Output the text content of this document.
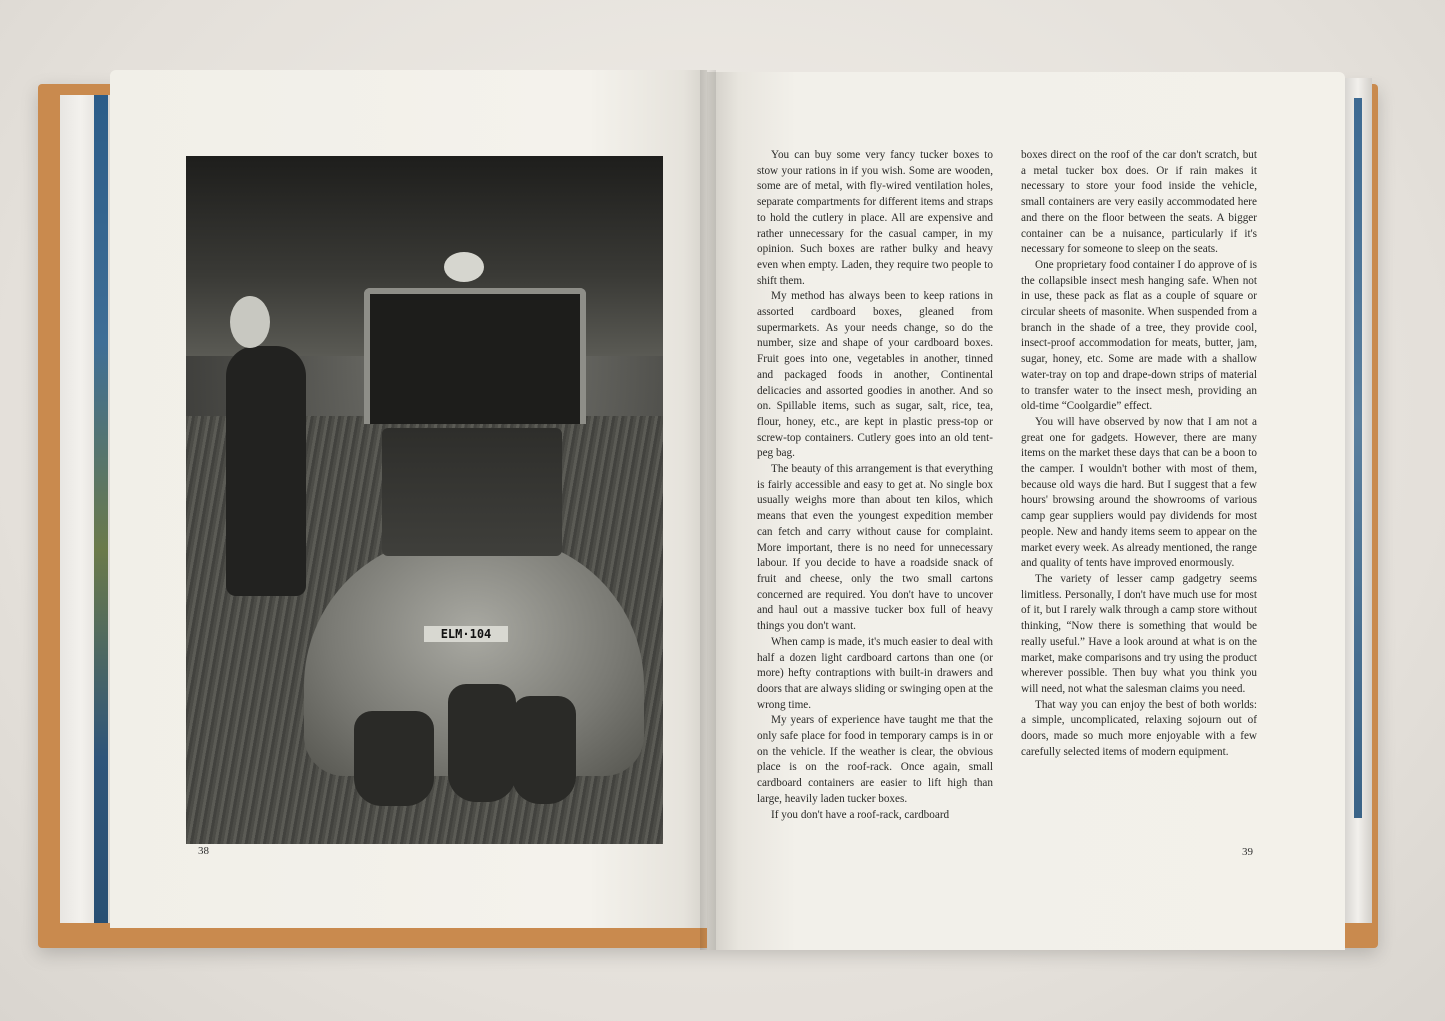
ELM·104
38	39

You can buy some very fancy tucker boxes to stow your rations in if you wish. Some are wooden, some are of metal, with fly-wired ventilation holes, separate compartments for different items and straps to hold the cutlery in place. All are expensive and rather unnecessary for the casual camper, in my opinion. Such boxes are rather bulky and heavy even when empty. Laden, they require two people to shift them.

My method has always been to keep rations in assorted cardboard boxes, gleaned from supermarkets. As your needs change, so do the number, size and shape of your cardboard boxes. Fruit goes into one, vegetables in another, tinned and packaged foods in another, Continental delicacies and assorted goodies in another. And so on. Spillable items, such as sugar, salt, rice, tea, flour, honey, etc., are kept in plastic press-top or screw-top containers. Cutlery goes into an old tent-peg bag.

The beauty of this arrangement is that everything is fairly accessible and easy to get at. No single box usually weighs more than about ten kilos, which means that even the youngest expedition member can fetch and carry without cause for complaint. More important, there is no need for unnecessary labour. If you decide to have a roadside snack of fruit and cheese, only the two small cartons concerned are required. You don't have to uncover and haul out a massive tucker box full of heavy things you don't want.

When camp is made, it's much easier to deal with half a dozen light cardboard cartons than one (or more) hefty contraptions with built-in drawers and doors that are always sliding or swinging open at the wrong time.

My years of experience have taught me that the only safe place for food in temporary camps is in or on the vehicle. If the weather is clear, the obvious place is on the roof-rack. Once again, small cardboard containers are easier to lift high than large, heavily laden tucker boxes.

If you don't have a roof-rack, cardboard

boxes direct on the roof of the car don't scratch, but a metal tucker box does. Or if rain makes it necessary to store your food inside the vehicle, small containers are very easily accommodated here and there on the floor between the seats. A bigger container can be a nuisance, particularly if it's necessary for someone to sleep on the seats.

One proprietary food container I do approve of is the collapsible insect mesh hanging safe. When not in use, these pack as flat as a couple of square or circular sheets of masonite. When suspended from a branch in the shade of a tree, they provide cool, insect-proof accommodation for meats, butter, jam, sugar, honey, etc. Some are made with a shallow water-tray on top and drape-down strips of material to transfer water to the insect mesh, providing an old-time “Coolgardie” effect.

You will have observed by now that I am not a great one for gadgets. However, there are many items on the market these days that can be a boon to the camper. I wouldn't bother with most of them, because old ways die hard. But I suggest that a few hours' browsing around the showrooms of various camp gear suppliers would pay dividends for most people. New and handy items seem to appear on the market every week. As already mentioned, the range and quality of tents have improved enormously.

The variety of lesser camp gadgetry seems limitless. Personally, I don't have much use for most of it, but I rarely walk through a camp store without thinking, “Now there is something that would be really useful.” Have a look around at what is on the market, make comparisons and try using the product wherever possible. Then buy what you think you will need, not what the salesman claims you need.

That way you can enjoy the best of both worlds: a simple, uncomplicated, relaxing sojourn out of doors, made so much more enjoyable with a few carefully selected items of modern equipment.
